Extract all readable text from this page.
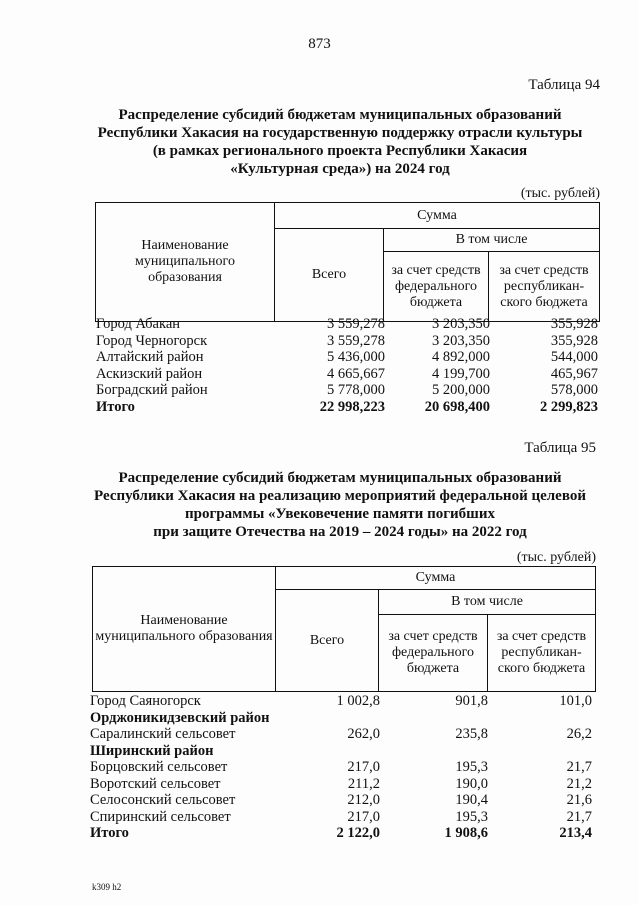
873
Таблица 94
Распределение субсидий бюджетам муниципальных образований
Республики Хакасия на государственную поддержку отрасли культуры
(в рамках регионального проекта Республики Хакасия
«Культурная среда») на 2024 год
(тыс. рублей)
Наименование муниципального образования	Сумма		
	Всего	В том числе	
		за счет средств федерального бюджета	за счет средств республикан-ского бюджета
Город Абакан	3 559,278	3 203,350	355,928
Город Черногорск	3 559,278	3 203,350	355,928
Алтайский район	5 436,000	4 892,000	544,000
Аскизский район	4 665,667	4 199,700	465,967
Боградский район	5 778,000	5 200,000	578,000
Итого	22 998,223	20 698,400	2 299,823
Таблица 95
Распределение субсидий бюджетам муниципальных образований
Республики Хакасия на реализацию мероприятий федеральной целевой
программы «Увековечение памяти погибших
при защите Отечества на 2019 – 2024 годы» на 2022 год
(тыс. рублей)
Наименование муниципального образования	Сумма		
	Всего	В том числе	
		за счет средств федерального бюджета	за счет средств республикан-ского бюджета
Город Саяногорск	1 002,8	901,8	101,0
Орджоникидзевский район
Саралинский сельсовет	262,0	235,8	26,2
Ширинский район
Борцовский сельсовет	217,0	195,3	21,7
Воротский сельсовет	211,2	190,0	21,2
Селосонский сельсовет	212,0	190,4	21,6
Спиринский сельсовет	217,0	195,3	21,7
Итого	2 122,0	1 908,6	213,4
k309 h2
